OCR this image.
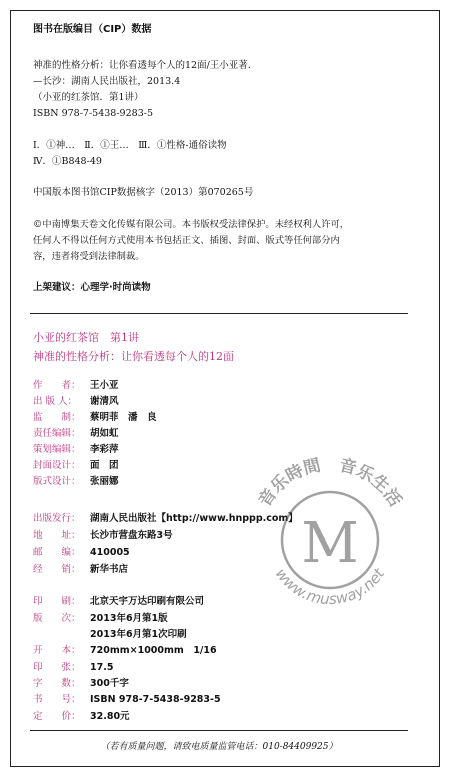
图书在版编目（CIP）数据
神准的性格分析：让你看透每个人的12面/王小亚著.
—长沙：湖南人民出版社，2013.4
（小亚的红茶馆．第1讲）
ISBN 978-7-5438-9283-5
Ⅰ．①神…　Ⅱ．①王…　Ⅲ．①性格-通俗读物
Ⅳ．①B848-49
中国版本图书馆CIP数据核字（2013）第070265号
©中南博集天卷文化传媒有限公司。本书版权受法律保护。未经权利人许可，
任何人不得以任何方式使用本书包括正文、插图、封面、版式等任何部分内
容，违者将受到法律制裁。
上架建议：心理学·时尚读物
小亚的红茶馆　第1讲
神准的性格分析：让你看透每个人的12面
作　　者： 王小亚
出 版 人： 谢清风
监　　制： 蔡明菲　潘　良
责任编辑： 胡如虹
策划编辑： 李彩萍
封面设计： 面　团
版式设计： 张丽娜
出版发行： 湖南人民出版社【http://www.hnppp.com】
地　　址： 长沙市营盘东路3号
邮　　编： 410005
经　　销： 新华书店
印　　刷： 北京天宇万达印刷有限公司
版　　次： 2013年6月第1版
2013年6月第1次印刷
开　　本： 720mm×1000mm　1/16
印　　张： 17.5
字　　数： 300千字
书　　号： ISBN 978-7-5438-9283-5
定　　价： 32.80元
（若有质量问题，请致电质量监管电话：010-84409925）
音乐時間　音乐生活
www.musway.net
M
